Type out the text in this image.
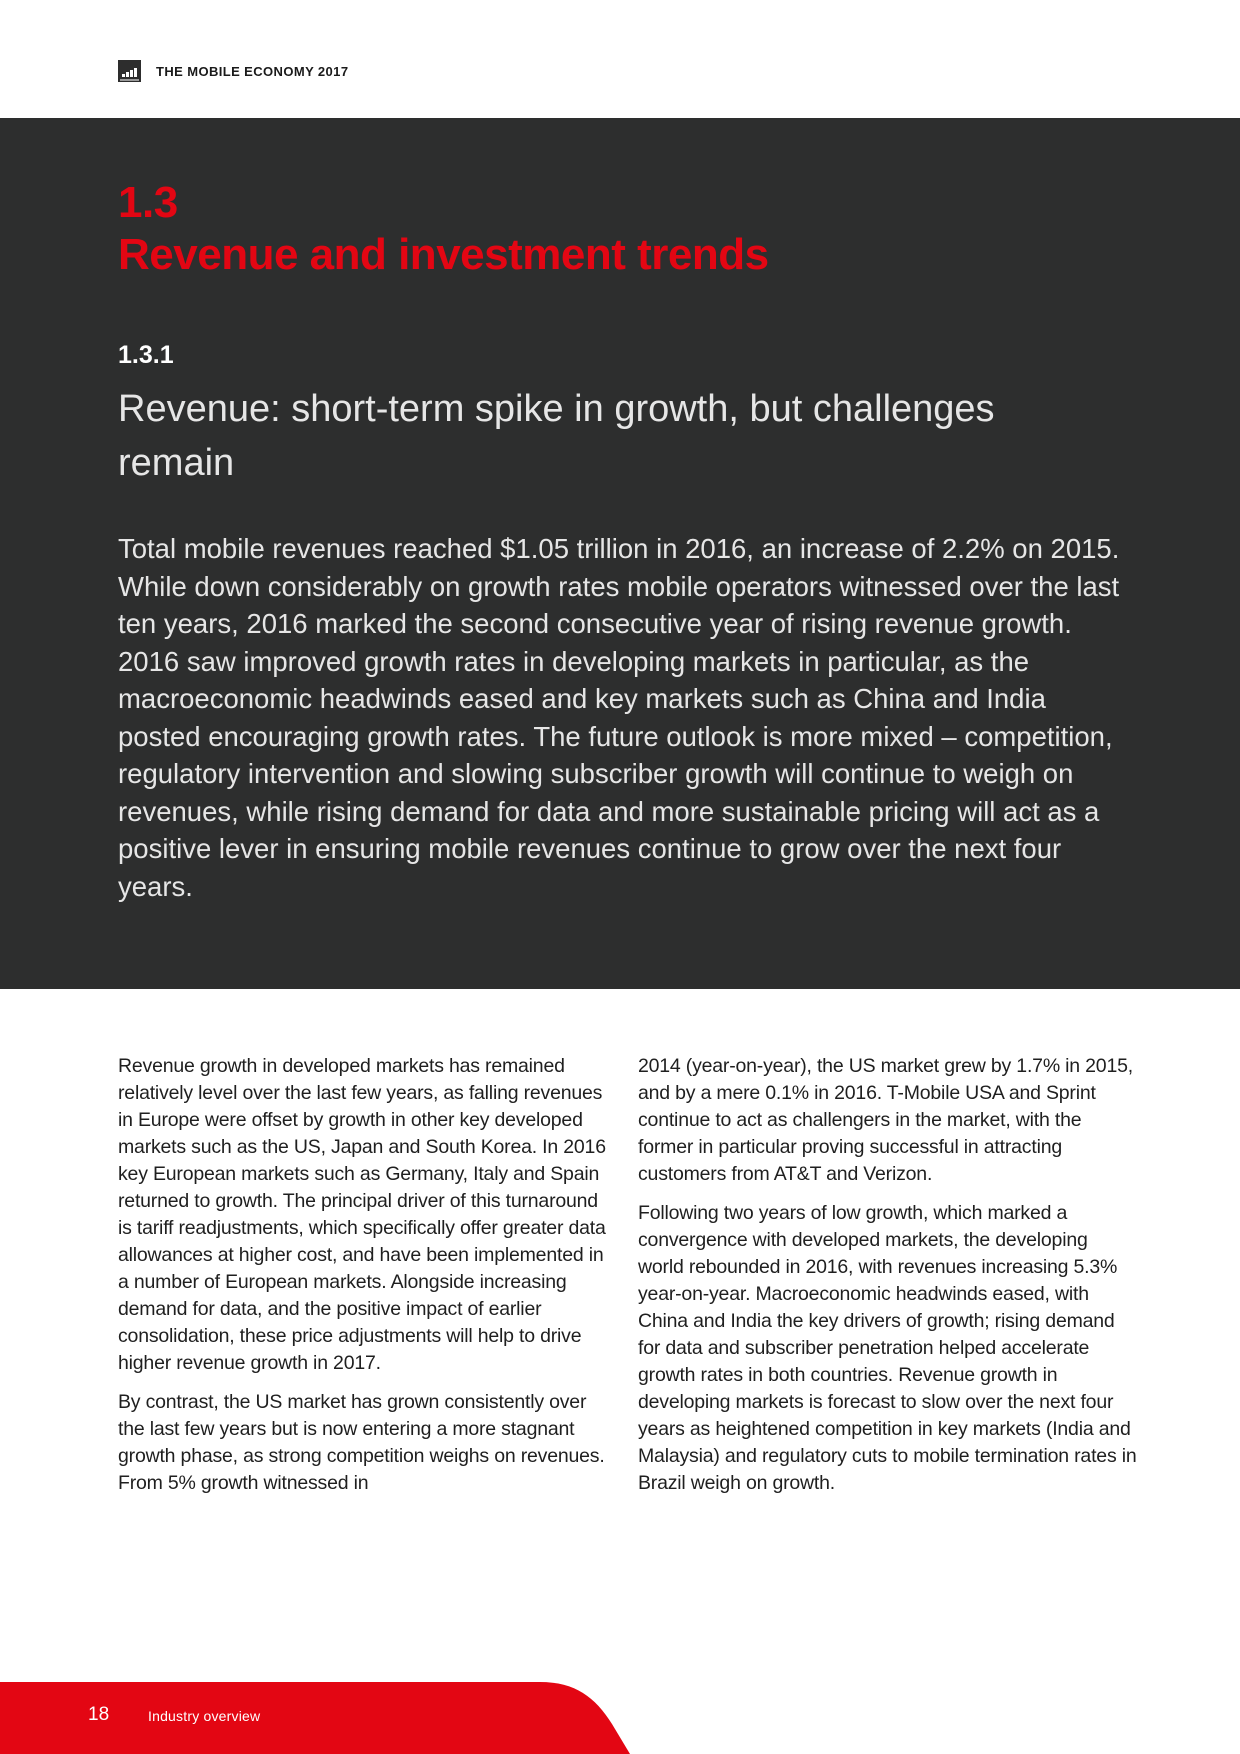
THE MOBILE ECONOMY 2017
1.3
Revenue and investment trends
1.3.1
Revenue: short-term spike in growth, but challenges remain
Total mobile revenues reached $1.05 trillion in 2016, an increase of 2.2% on 2015. While down considerably on growth rates mobile operators witnessed over the last ten years, 2016 marked the second consecutive year of rising revenue growth. 2016 saw improved growth rates in developing markets in particular, as the macroeconomic headwinds eased and key markets such as China and India posted encouraging growth rates. The future outlook is more mixed – competition, regulatory intervention and slowing subscriber growth will continue to weigh on revenues, while rising demand for data and more sustainable pricing will act as a positive lever in ensuring mobile revenues continue to grow over the next four years.

Revenue growth in developed markets has remained relatively level over the last few years, as falling revenues in Europe were offset by growth in other key developed markets such as the US, Japan and South Korea. In 2016 key European markets such as Germany, Italy and Spain returned to growth. The principal driver of this turnaround is tariff readjustments, which specifically offer greater data allowances at higher cost, and have been implemented in a number of European markets. Alongside increasing demand for data, and the positive impact of earlier consolidation, these price adjustments will help to drive higher revenue growth in 2017.

By contrast, the US market has grown consistently over the last few years but is now entering a more stagnant growth phase, as strong competition weighs on revenues. From 5% growth witnessed in

2014 (year-on-year), the US market grew by 1.7% in 2015, and by a mere 0.1% in 2016. T-Mobile USA and Sprint continue to act as challengers in the market, with the former in particular proving successful in attracting customers from AT&T and Verizon.

Following two years of low growth, which marked a convergence with developed markets, the developing world rebounded in 2016, with revenues increasing 5.3% year-on-year. Macroeconomic headwinds eased, with China and India the key drivers of growth; rising demand for data and subscriber penetration helped accelerate growth rates in both countries. Revenue growth in developing markets is forecast to slow over the next four years as heightened competition in key markets (India and Malaysia) and regulatory cuts to mobile termination rates in Brazil weigh on growth.

18	Industry overview
